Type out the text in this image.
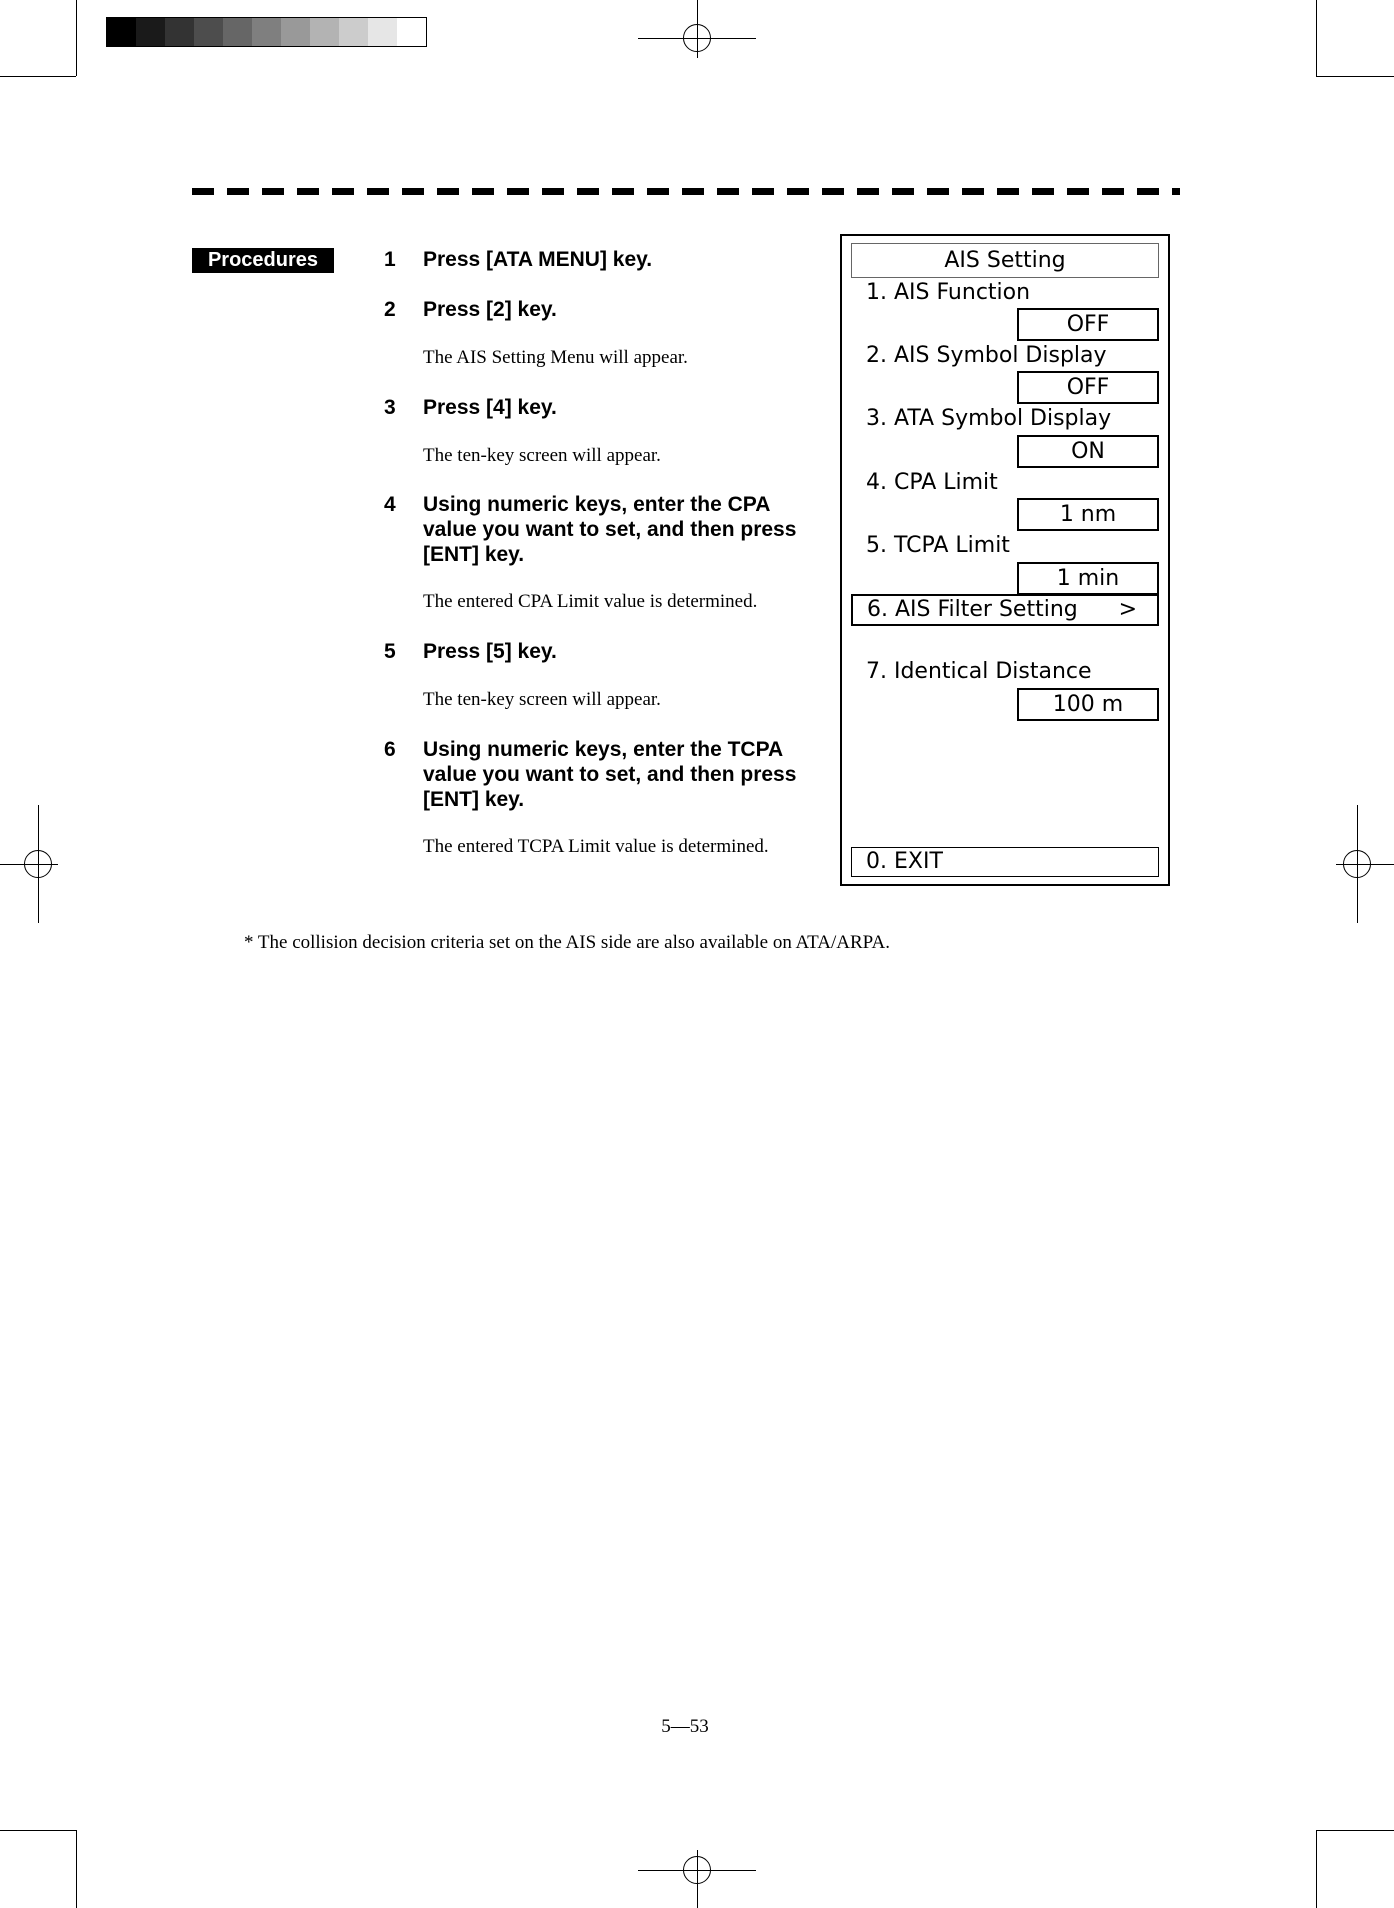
Procedures	1 Press [ATA MENU] key.
2 Press [2] key.
The AIS Setting Menu will appear.
3 Press [4] key.
The ten-key screen will appear.
4 Using numeric keys, enter the CPA value you want to set, and then press [ENT] key.
The entered CPA Limit value is determined.
5 Press [5] key.
The ten-key screen will appear.
6 Using numeric keys, enter the TCPA value you want to set, and then press [ENT] key.
The entered TCPA Limit value is determined.
AIS Setting
1. AIS Function
OFF
2. AIS Symbol Display
OFF
3. ATA Symbol Display
ON
4. CPA Limit
1 nm
5. TCPA Limit
1 min
6. AIS Filter Setting >
7. Identical Distance
100 m
0. EXIT
* The collision decision criteria set on the AIS side are also available on ATA/ARPA.
5—53
